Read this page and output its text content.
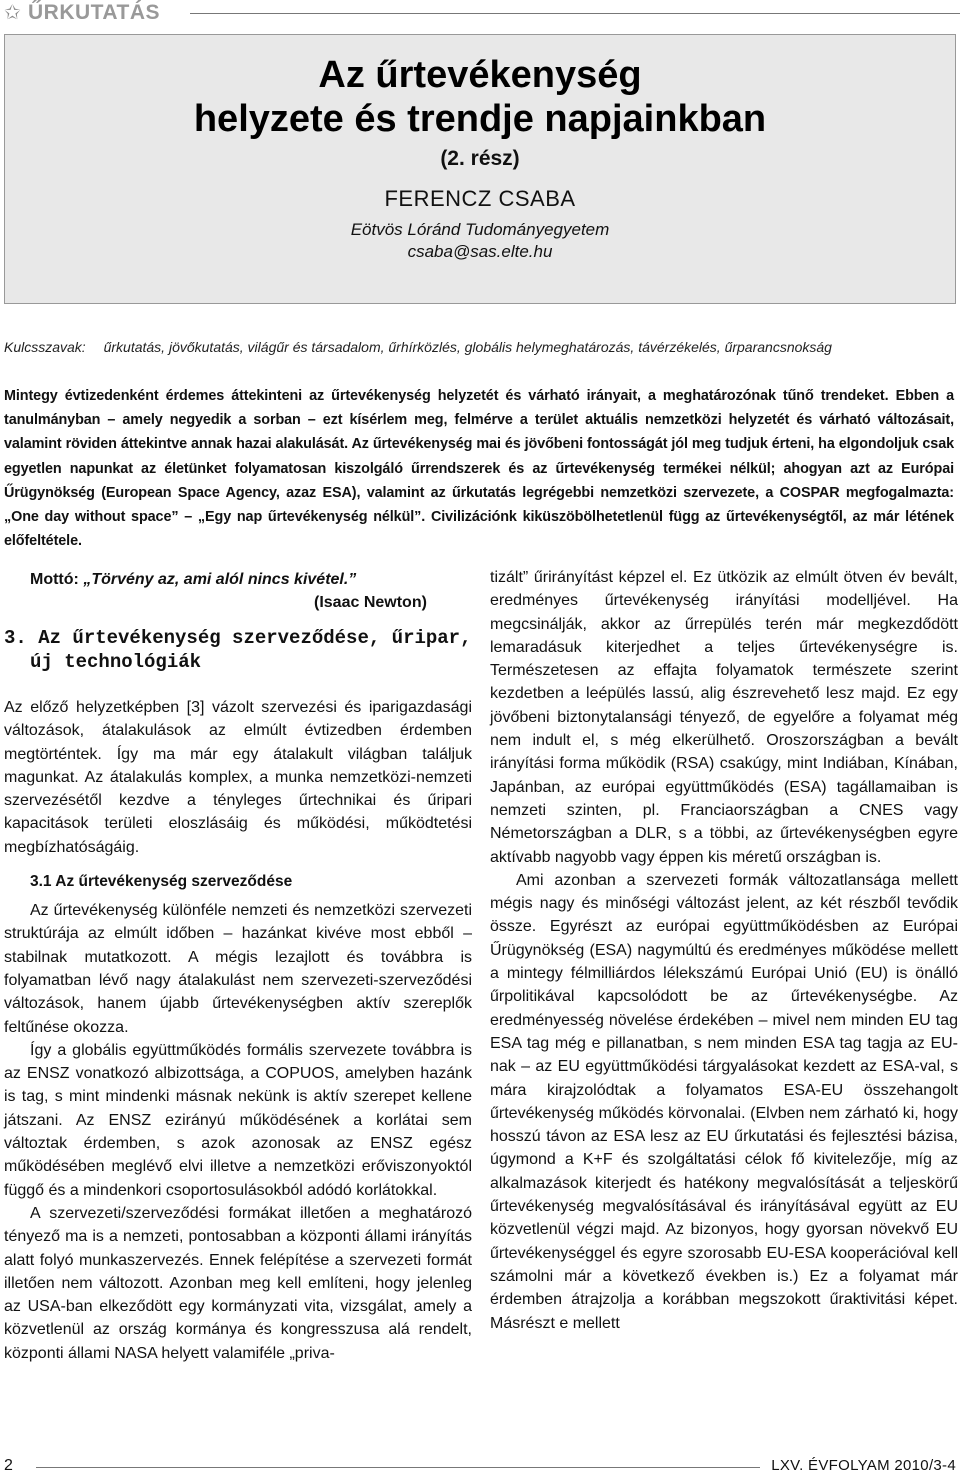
✩ ŰRKUTATÁS
Az űrtevékenység
helyzete és trendje napjainkban
(2. rész)
FERENCZ CSABA
Eötvös Lóránd Tudományegyetem
csaba@sas.elte.hu
Kulcsszavak: űrkutatás, jövőkutatás, világűr és társadalom, űrhírközlés, globális helymeghatározás, távérzékelés, űrparancsnokság

Mintegy évtizedenként érdemes áttekinteni az űrtevékenység helyzetét és várható irányait, a meghatározónak tűnő trendeket. Ebben a tanulmányban – amely negyedik a sorban – ezt kísérlem meg, felmérve a terület aktuális nemzetközi helyzetét és várható változásait, valamint röviden áttekintve annak hazai alakulását. Az űrtevékenység mai és jövőbeni fontosságát jól meg tudjuk érteni, ha elgondoljuk csak egyetlen napunkat az életünket folyamatosan kiszolgáló űrrendszerek és az űrtevékenység termékei nélkül; ahogyan azt az Európai Űrügynökség (European Space Agency, azaz ESA), valamint az űrkutatás legrégebbi nemzetközi szervezete, a COSPAR megfogalmazta: „One day without space” – „Egy nap űrtevékenység nélkül”. Civilizációnk kiküszöbölhetetlenül függ az űrtevékenységtől, az már létének előfeltétele.

Mottó: „Törvény az, ami alól nincs kivétel.”
(Isaac Newton)
3. Az űrtevékenység szerveződése, űripar, új technológiák

Az előző helyzetképben [3] vázolt szervezési és iparigazdasági változások, átalakulások az elmúlt évtizedben érdemben megtörténtek. Így ma már egy átalakult világban találjuk magunkat. Az átalakulás komplex, a munka nemzetközi-nemzeti szervezésétől kezdve a tényleges űrtechnikai és űripari kapacitások területi eloszlásáig és működési, működtetési megbízhatóságáig.

3.1 Az űrtevékenység szerveződése

Az űrtevékenység különféle nemzeti és nemzetközi szervezeti struktúrája az elmúlt időben – hazánkat kivéve most ebből – stabilnak mutatkozott. A mégis lezajlott és továbbra is folyamatban lévő nagy átalakulást nem szervezeti-szerveződési változások, hanem újabb űrtevékenységben aktív szereplők feltűnése okozza.

Így a globális együttműködés formális szervezete továbbra is az ENSZ vonatkozó albizottsága, a COPUOS, amelyben hazánk is tag, s mint mindenki másnak nekünk is aktív szerepet kellene játszani. Az ENSZ ezirányú működésének a korlátai sem változtak érdemben, s azok azonosak az ENSZ egész működésében meglévő elvi illetve a nemzetközi erőviszonyoktól függő és a mindenkori csoportosulásokból adódó korlátokkal.

A szervezeti/szerveződési formákat illetően a meghatározó tényező ma is a nemzeti, pontosabban a központi állami irányítás alatt folyó munkaszervezés. Ennek felépítése a szervezeti formát illetően nem változott. Azonban meg kell említeni, hogy jelenleg az USA-ban elkeződött egy kormányzati vita, vizsgálat, amely a közvetlenül az ország kormánya és kongresszusa alá rendelt, központi állami NASA helyett valamiféle „priva-

tizált” űrirányítást képzel el. Ez ütközik az elmúlt ötven év bevált, eredményes űrtevékenység irányítási modelljével. Ha megcsinálják, akkor az űrrepülés terén már megkezdődött lemaradásuk kiterjedhet a teljes űrtevékenységre is. Természetesen az effajta folyamatok természete szerint kezdetben a leépülés lassú, alig észrevehető lesz majd. Ez egy jövőbeni biztonytalansági tényező, de egyelőre a folyamat még nem indult el, s még elkerülhető. Oroszországban a bevált irányítási forma működik (RSA) csakúgy, mint Indiában, Kínában, Japánban, az európai együttműködés (ESA) tagállamaiban is nemzeti szinten, pl. Franciaországban a CNES vagy Németországban a DLR, s a többi, az űrtevékenységben egyre aktívabb nagyobb vagy éppen kis méretű országban is.

Ami azonban a szervezeti formák változatlansága mellett mégis nagy és minőségi változást jelent, az két részből tevődik össze. Egyrészt az európai együttműködésben az Európai Űrügynökség (ESA) nagymúltú és eredményes működése mellett a mintegy félmilliárdos lélekszámú Európai Unió (EU) is önálló űrpolitikával kapcsolódott be az űrtevékenységbe. Az eredményesség növelése érdekében – mivel nem minden EU tag ESA tag még e pillanatban, s nem minden ESA tag tagja az EU-nak – az EU együttműködési tárgyalásokat kezdett az ESA-val, s mára kirajzolódtak a folyamatos ESA-EU összehangolt űrtevékenység működés körvonalai. (Elvben nem zárható ki, hogy hosszú távon az ESA lesz az EU űrkutatási és fejlesztési bázisa, úgymond a K+F és szolgáltatási célok fő kivitelezője, míg az alkalmazások kiterjedt és hatékony megvalósítását a teljeskörű űrtevékenység megvalósításával és irányításával együtt az EU közvetlenül végzi majd. Az bizonyos, hogy gyorsan növekvő EU űrtevékenységgel és egyre szorosabb EU-ESA kooperációval kell számolni már a következő években is.) Ez a folyamat már érdemben átrajzolja a korábban megszokott űraktivitási képet. Másrészt e mellett

2	LXV. ÉVFOLYAM 2010/3-4
